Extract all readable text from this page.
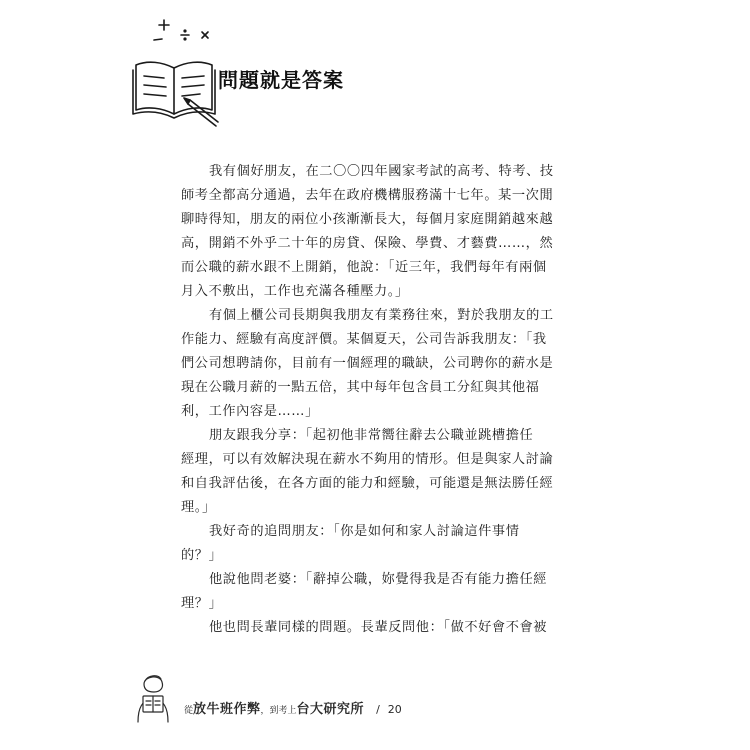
問題就是答案

我有個好朋友，在二〇〇四年國家考試的高考、特考、技
師考全都高分通過，去年在政府機構服務滿十七年。某一次閒
聊時得知，朋友的兩位小孩漸漸長大，每個月家庭開銷越來越
高，開銷不外乎二十年的房貸、保險、學費、才藝費……，然
而公職的薪水跟不上開銷，他說：「近三年，我們每年有兩個
月入不敷出，工作也充滿各種壓力。」

有個上櫃公司長期與我朋友有業務往來，對於我朋友的工
作能力、經驗有高度評價。某個夏天，公司告訴我朋友：「我
們公司想聘請你，目前有一個經理的職缺，公司聘你的薪水是
現在公職月薪的一點五倍，其中每年包含員工分紅與其他福
利，工作內容是……」

朋友跟我分享：「起初他非常嚮往辭去公職並跳槽擔任
經理，可以有效解決現在薪水不夠用的情形。但是與家人討論
和自我評估後，在各方面的能力和經驗，可能還是無法勝任經
理。」

我好奇的追問朋友：「你是如何和家人討論這件事情
的？」

他說他問老婆：「辭掉公職，妳覺得我是否有能力擔任經
理？」

他也問長輩同樣的問題。長輩反問他：「做不好會不會被

從 放牛班作弊 ，到考上 台大研究所 / 20
